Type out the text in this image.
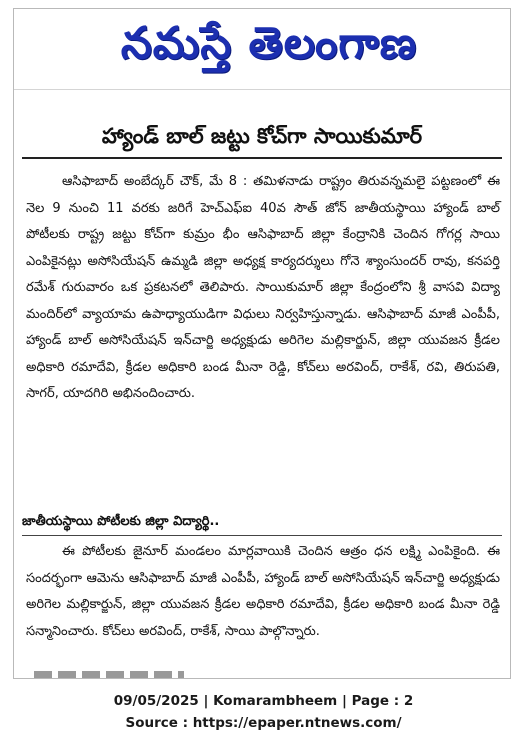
నమస్తే తెలంగాణ
హ్యాండ్ బాల్ జట్టు కోచ్‌గా సాయికుమార్

ఆసిఫాబాద్ అంబేద్కర్ చౌక్, మే 8 : తమిళనాడు రాష్ట్రం తిరువన్నమలై పట్టణంలో ఈ నెల 9 నుంచి 11 వరకు జరిగే హెచ్‌ఎఫ్‌ఐ 40వ సౌత్ జోన్ జాతీయస్థాయి హ్యాండ్ బాల్ పోటీలకు రాష్ట్ర జట్టు కోచ్‌గా కుమ్రం భీం ఆసిఫాబాద్ జిల్లా కేంద్రానికి చెందిన గోగర్ల సాయి ఎంపికైనట్లు అసోసియేషన్ ఉమ్మడి జిల్లా అధ్యక్ష కార్యదర్శులు గోనె శ్యాంసుందర్ రావు, కనపర్తి రమేశ్ గురువారం ఒక ప్రకటనలో తెలిపారు. సాయికుమార్ జిల్లా కేంద్రంలోని శ్రీ వాసవి విద్యా మందిర్‌లో వ్యాయామ ఉపాధ్యాయుడిగా విధులు నిర్వహిస్తున్నాడు. ఆసిఫాబాద్ మాజీ ఎంపీపీ, హ్యాండ్ బాల్ అసోసియేషన్ ఇన్‌చార్జి అధ్యక్షుడు అరిగెల మల్లికార్జున్, జిల్లా యువజన క్రీడల అధికారి రమాదేవి, క్రీడల అధికారి బండ మీనా రెడ్డి, కోచ్‌లు అరవింద్, రాకేశ్, రవి, తిరుపతి, సాగర్, యాదగిరి అభినందించారు.

జాతీయస్థాయి పోటీలకు జిల్లా విద్యార్థి..

ఈ పోటీలకు జైనూర్ మండలం మార్లవాయికి చెందిన ఆత్రం ధన లక్ష్మి ఎంపికైంది. ఈ సందర్భంగా ఆమెను ఆసిఫాబాద్ మాజీ ఎంపీపీ, హ్యాండ్ బాల్ అసోసియేషన్ ఇన్‌చార్జి అధ్యక్షుడు అరిగెల మల్లికార్జున్, జిల్లా యువజన క్రీడల అధికారి రమాదేవి, క్రీడల అధికారి బండ మీనా రెడ్డి సన్మానించారు. కోచ్‌లు అరవింద్, రాకేశ్, సాయి పాల్గొన్నారు.

09/05/2025 | Komarambheem | Page : 2
Source : https://epaper.ntnews.com/
